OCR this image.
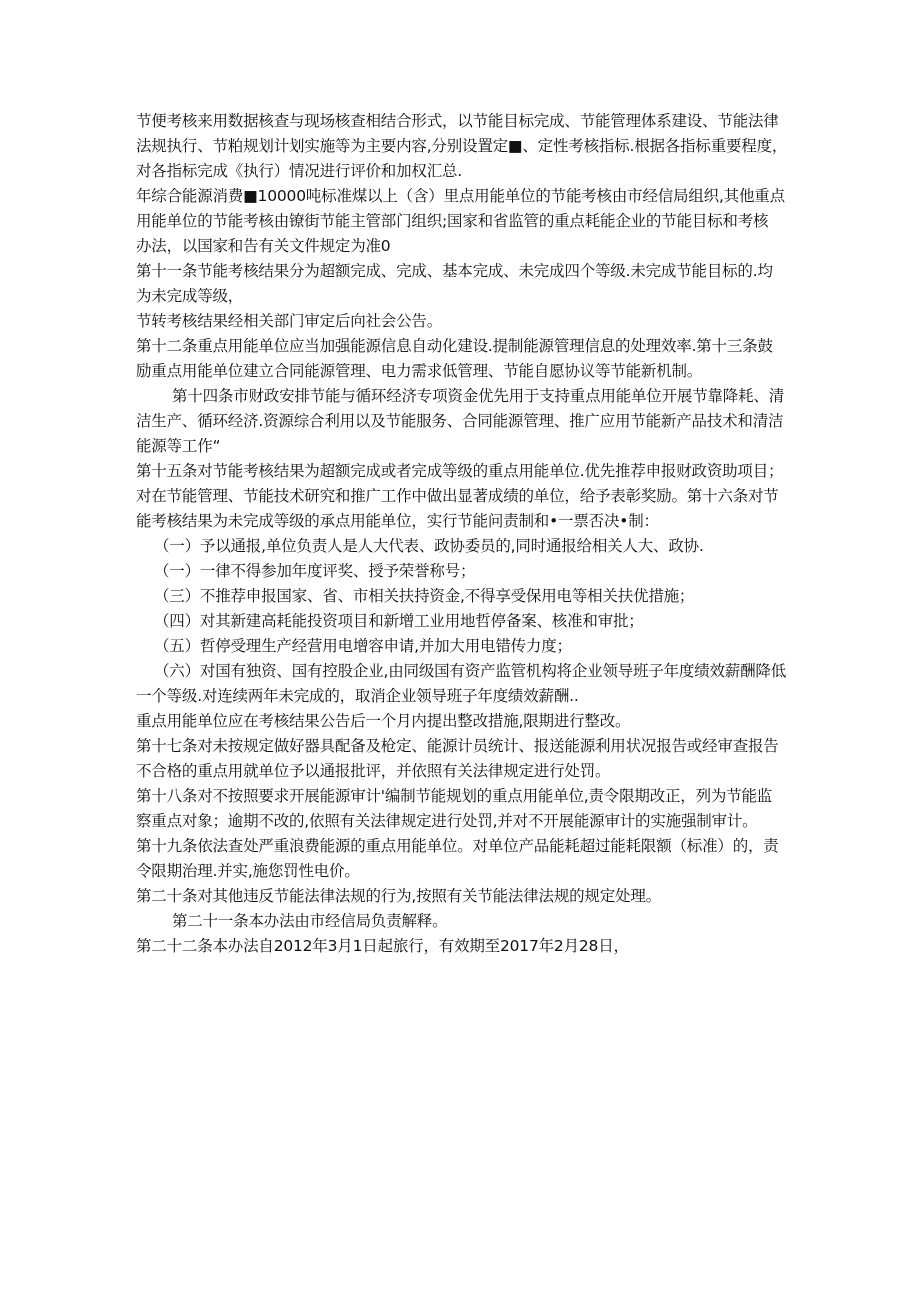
节便考核来用数据核查与现场核查相结合形式，以节能目标完成、节能管理体系建设、节能法律
法规执行、节粕规划计划实施等为主要内容,分别设置定■、定性考核指标.根据各指标重要程度，
对各指标完成《执行）情况进行评价和加权汇总.
年综合能源消费■10000吨标准煤以上（含）里点用能单位的节能考核由市经信局组织,其他重点
用能单位的节能考核由镣街节能主管部门组织;国家和省监管的重点耗能企业的节能目标和考核
办法，以国家和告有关文件规定为准0
第十一条节能考核结果分为超额完成、完成、基本完成、未完成四个等级.未完成节能目标的.均
为未完成等级，
节转考核结果经相关部门审定后向社会公告。
第十二条重点用能单位应当加强能源信息自动化建设.提制能源管理信息的处理效率.第十三条鼓
励重点用能单位建立合同能源管理、电力需求低管理、节能自愿协议等节能新机制。
第十四条市财政安排节能与循环经济专项资金优先用于支持重点用能单位开展节靠降耗、清
洁生产、循环经济.资源综合利用以及节能服务、合同能源管理、推广应用节能新产品技术和清洁
能源等工作“
第十五条对节能考核结果为超额完成或者完成等级的重点用能单位.优先推荐申报财政资助项目；
对在节能管理、节能技术研究和推广工作中做出显著成绩的单位，给予表彰奖励。第十六条对节
能考核结果为未完成等级的承点用能单位，实行节能问责制和•一票否决•制：
（一）予以通报,单位负责人是人大代表、政协委员的,同时通报给相关人大、政协.
（一）一律不得参加年度评奖、授予荣誉称号；
（三）不推荐申报国家、省、市相关扶持资金,不得享受保用电等相关扶优措施；
（四）对其新建高耗能投资项目和新增工业用地哲停备案、核准和审批；
（五）哲停受理生产经营用电增容申请,并加大用电错传力度；
（六）对国有独资、国有控股企业,由同级国有资产监管机构将企业领导班子年度绩效薪酬降低
一个等级.对连续两年未完成的，取消企业领导班子年度绩效薪酬..
重点用能单位应在考核结果公告后一个月内提出整改措施,限期进行整改。
第十七条对未按规定做好器具配备及枪定、能源计员统计、报送能源利用状况报告或经审查报告
不合格的重点用就单位予以通报批评，并依照有关法律规定进行处罚。
第十八条对不按照要求开展能源审计'编制节能规划的重点用能单位,责令限期改正，列为节能监
察重点对象；逾期不改的,依照有关法律规定进行处罚,并对不开展能源审计的实施强制审计。
第十九条依法查处严重浪费能源的重点用能单位。对单位产品能耗超过能耗限额（标准）的，责
令限期治理.并实,施您罚性电价。
第二十条对其他违反节能法律法规的行为,按照有关节能法律法规的规定处理。
第二十一条本办法由市经信局负责解释。
第二十二条本办法自2012年3月1日起旅行，有效期至2017年2月28日，
